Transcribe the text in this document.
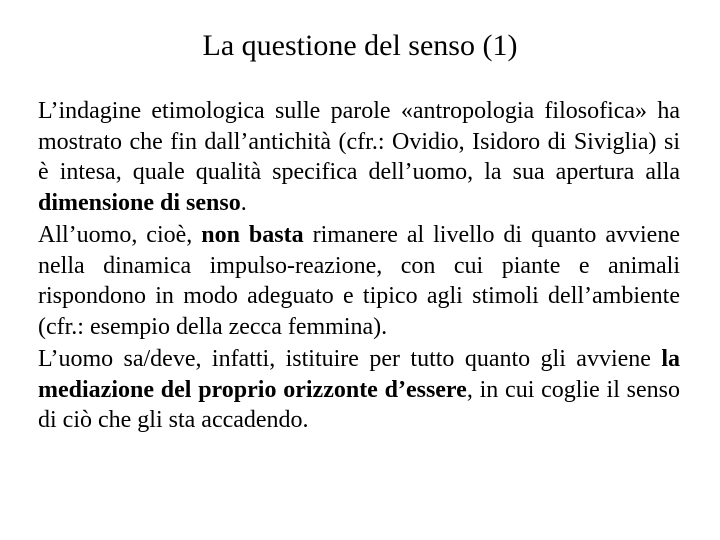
La questione del senso (1)

L’indagine etimologica sulle parole «antropologia filosofica» ha mostrato che fin dall’antichità (cfr.: Ovidio, Isidoro di Siviglia) si è intesa, quale qualità specifica dell’uomo, la sua apertura alla dimensione di senso.

All’uomo, cioè, non basta rimanere al livello di quanto avviene nella dinamica impulso-reazione, con cui piante e animali rispondono in modo adeguato e tipico agli stimoli dell’ambiente (cfr.: esempio della zecca femmina).

L’uomo sa/deve, infatti, istituire per tutto quanto gli avviene la mediazione del proprio orizzonte d’essere, in cui coglie il senso di ciò che gli sta accadendo.
